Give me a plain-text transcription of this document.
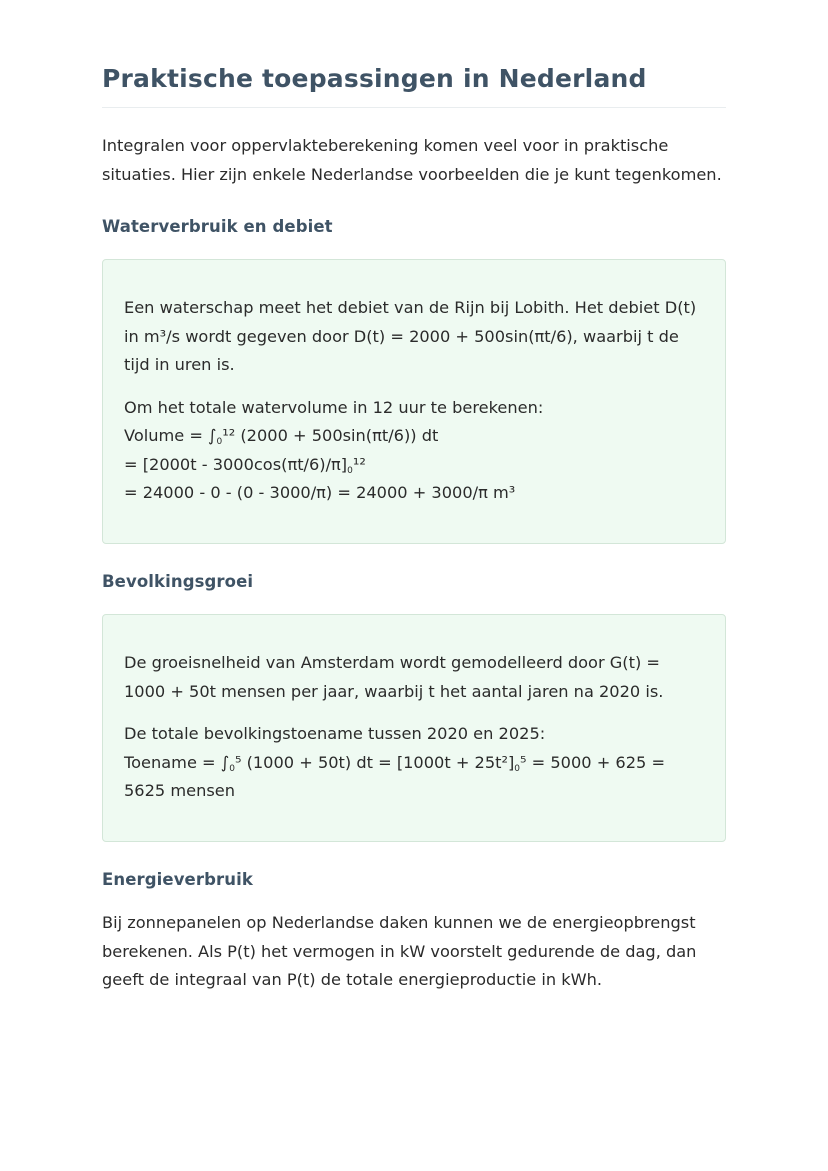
Praktische toepassingen in Nederland

Integralen voor oppervlakteberekening komen veel voor in praktische situaties. Hier zijn enkele Nederlandse voorbeelden die je kunt tegenkomen.

Waterverbruik en debiet

Een waterschap meet het debiet van de Rijn bij Lobith. Het debiet D(t) in m³/s wordt gegeven door D(t) = 2000 + 500sin(πt/6), waarbij t de tijd in uren is.

Om het totale watervolume in 12 uur te berekenen:
Volume = $\int_0^{12}$ (2000 + 500sin(πt/6)) dt
= $[2000t - 3000\cos(\pi t/6)/\pi]_0^{12}$
= 24000 - 0 - (0 - 3000/π) = 24000 + 3000/π m³

Bevolkingsgroei

De groeisnelheid van Amsterdam wordt gemodelleerd door G(t) = 1000 + 50t mensen per jaar, waarbij t het aantal jaren na 2020 is.

De totale bevolkingstoename tussen 2020 en 2025:
Toename = $\int_0^5$ (1000 + 50t) dt = $[1000t + 25t^2]_0^5 = 5000 + 625 = 5625$ mensen

Energieverbruik

Bij zonnepanelen op Nederlandse daken kunnen we de energieopbrengst berekenen. Als P(t) het vermogen in kW voorstelt gedurende de dag, dan geeft de integraal van P(t) de totale energieproductie in kWh.
